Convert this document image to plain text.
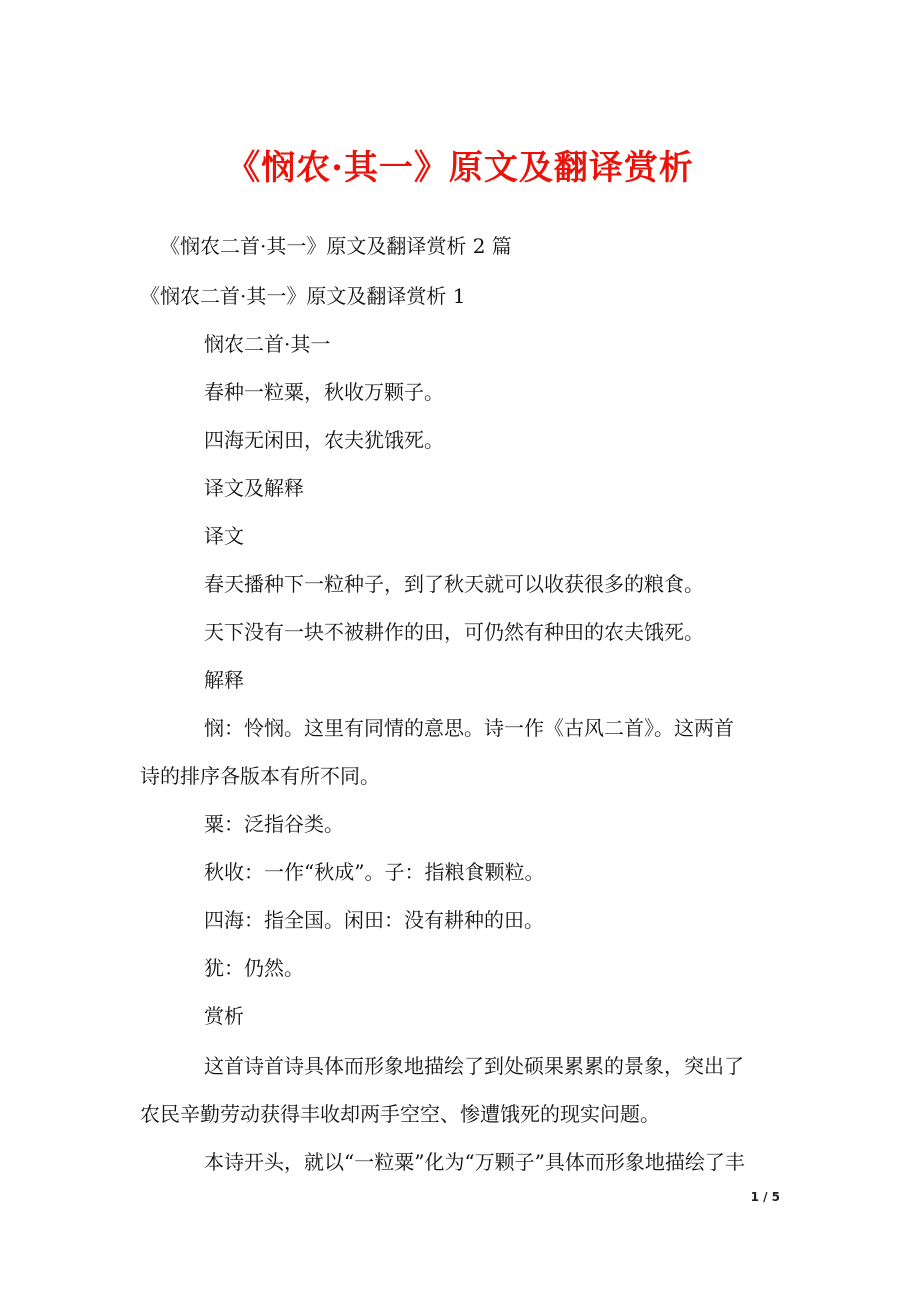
《悯农·其一》原文及翻译赏析
《悯农二首·其一》原文及翻译赏析 2 篇
《悯农二首·其一》原文及翻译赏析 1
悯农二首·其一
春种一粒粟，秋收万颗子。
四海无闲田，农夫犹饿死。
译文及解释
译文
春天播种下一粒种子，到了秋天就可以收获很多的粮食。
天下没有一块不被耕作的田，可仍然有种田的农夫饿死。
解释
悯：怜悯。这里有同情的意思。诗一作《古风二首》。这两首
诗的排序各版本有所不同。
粟：泛指谷类。
秋收：一作“秋成”。子：指粮食颗粒。
四海：指全国。闲田：没有耕种的田。
犹：仍然。
赏析
这首诗首诗具体而形象地描绘了到处硕果累累的景象，突出了
农民辛勤劳动获得丰收却两手空空、惨遭饿死的现实问题。
本诗开头，就以“一粒粟”化为“万颗子”具体而形象地描绘了丰
1 / 5
